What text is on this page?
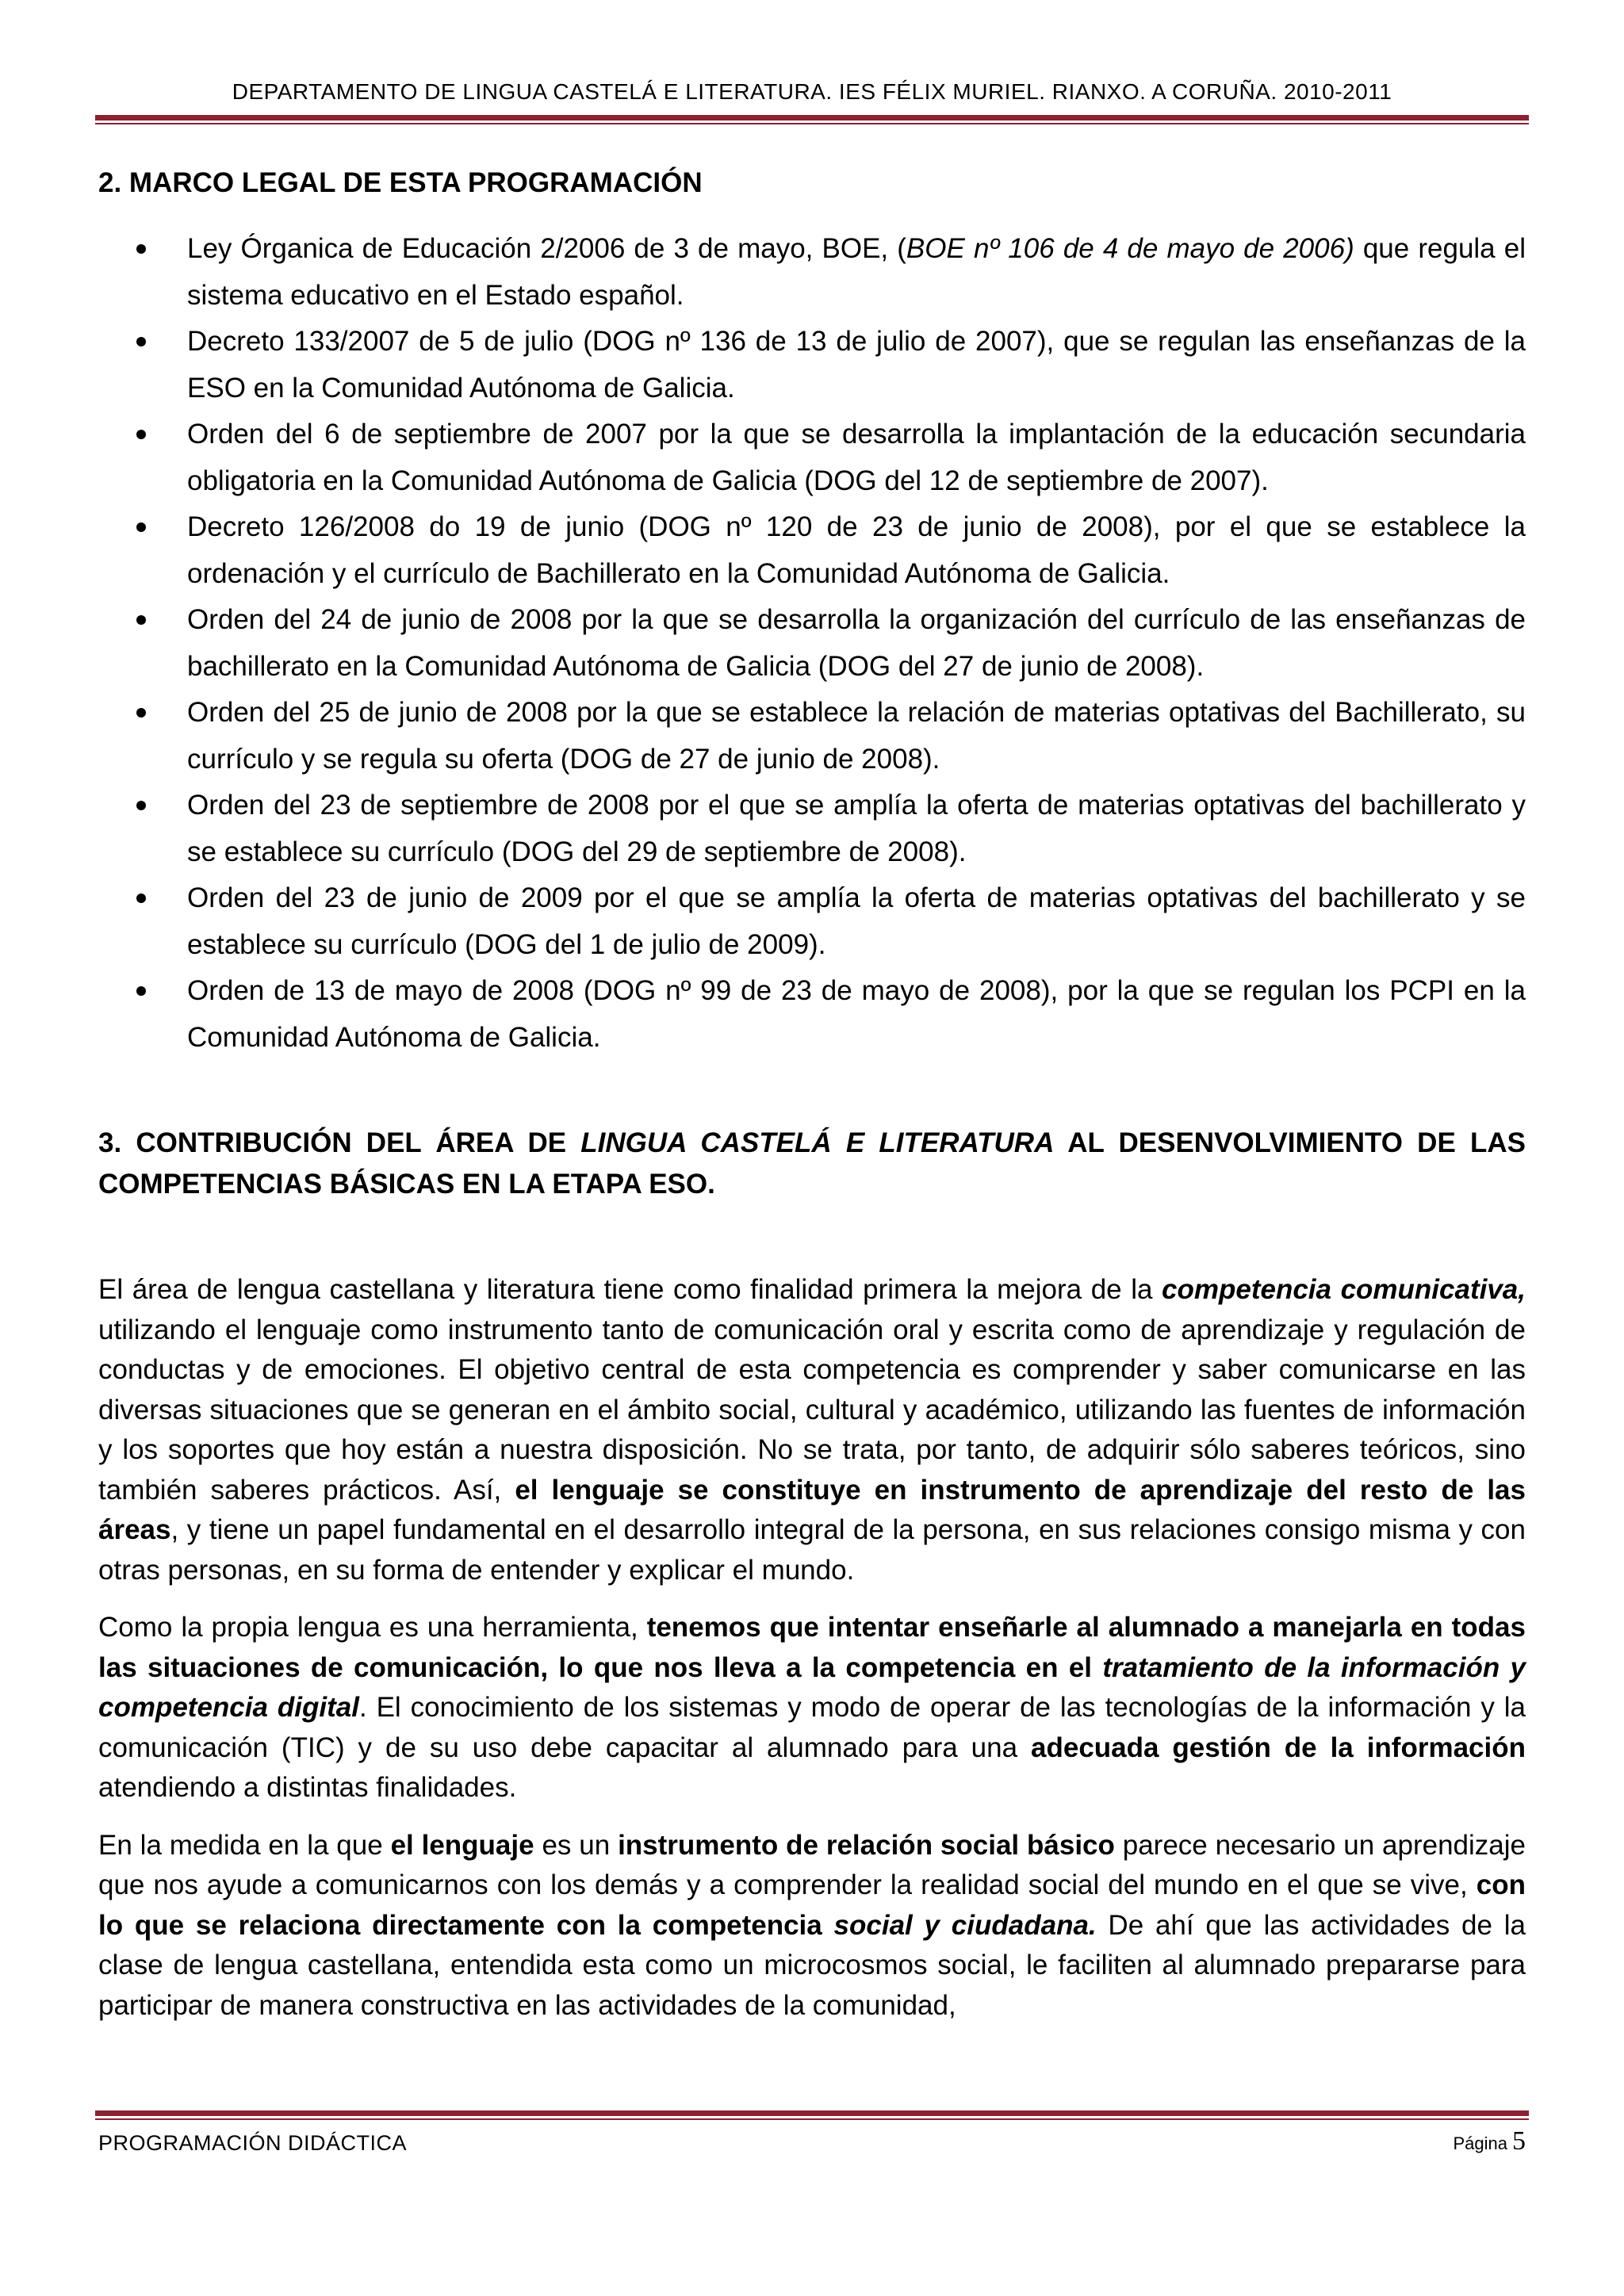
DEPARTAMENTO DE LINGUA CASTELÁ E LITERATURA. IES FÉLIX MURIEL. RIANXO. A CORUÑA. 2010-2011
2. MARCO LEGAL DE ESTA PROGRAMACIÓN
Ley Órganica de Educación 2/2006 de 3 de mayo, BOE, (BOE nº 106 de 4 de mayo de 2006) que regula el sistema educativo en el Estado español.
Decreto 133/2007 de 5 de julio (DOG nº 136 de 13 de julio de 2007), que se regulan las enseñanzas de la ESO en la Comunidad Autónoma de Galicia.
Orden del 6 de septiembre de 2007 por la que se desarrolla la implantación de la educación secundaria obligatoria en la Comunidad Autónoma de Galicia (DOG del 12 de septiembre de 2007).
Decreto 126/2008 do 19 de junio (DOG nº 120 de 23 de junio de 2008), por el que se establece la ordenación y el currículo de Bachillerato en la Comunidad Autónoma de Galicia.
Orden del 24 de junio de 2008 por la que se desarrolla la organización del currículo de las enseñanzas de bachillerato en la Comunidad Autónoma de Galicia (DOG del 27 de junio de 2008).
Orden del 25 de junio de 2008 por la que se establece la relación de materias optativas del Bachillerato, su currículo y se regula su oferta (DOG de 27 de junio de 2008).
Orden del 23 de septiembre de 2008 por el que se amplía la oferta de materias optativas del bachillerato y se establece su currículo (DOG del 29 de septiembre de 2008).
Orden del 23 de junio de 2009 por el que se amplía la oferta de materias optativas del bachillerato y se establece su currículo (DOG del 1 de julio de 2009).
Orden de 13 de mayo de 2008 (DOG nº 99 de 23 de mayo de 2008), por la que se regulan los PCPI en la Comunidad Autónoma de Galicia.
3. CONTRIBUCIÓN DEL ÁREA DE LINGUA CASTELÁ E LITERATURA AL DESENVOLVIMIENTO DE LAS COMPETENCIAS BÁSICAS EN LA ETAPA ESO.

El área de lengua castellana y literatura tiene como finalidad primera la mejora de la competencia comunicativa, utilizando el lenguaje como instrumento tanto de comunicación oral y escrita como de aprendizaje y regulación de conductas y de emociones. El objetivo central de esta competencia es comprender y saber comunicarse en las diversas situaciones que se generan en el ámbito social, cultural y académico, utilizando las fuentes de información y los soportes que hoy están a nuestra disposición. No se trata, por tanto, de adquirir sólo saberes teóricos, sino también saberes prácticos. Así, el lenguaje se constituye en instrumento de aprendizaje del resto de las áreas, y tiene un papel fundamental en el desarrollo integral de la persona, en sus relaciones consigo misma y con otras personas, en su forma de entender y explicar el mundo.

Como la propia lengua es una herramienta, tenemos que intentar enseñarle al alumnado a manejarla en todas las situaciones de comunicación, lo que nos lleva a la competencia en el tratamiento de la información y competencia digital. El conocimiento de los sistemas y modo de operar de las tecnologías de la información y la comunicación (TIC) y de su uso debe capacitar al alumnado para una adecuada gestión de la información atendiendo a distintas finalidades.

En la medida en la que el lenguaje es un instrumento de relación social básico parece necesario un aprendizaje que nos ayude a comunicarnos con los demás y a comprender la realidad social del mundo en el que se vive, con lo que se relaciona directamente con la competencia social y ciudadana. De ahí que las actividades de la clase de lengua castellana, entendida esta como un microcosmos social, le faciliten al alumnado prepararse para participar de manera constructiva en las actividades de la comunidad,

PROGRAMACIÓN DIDÁCTICA	Página 5
